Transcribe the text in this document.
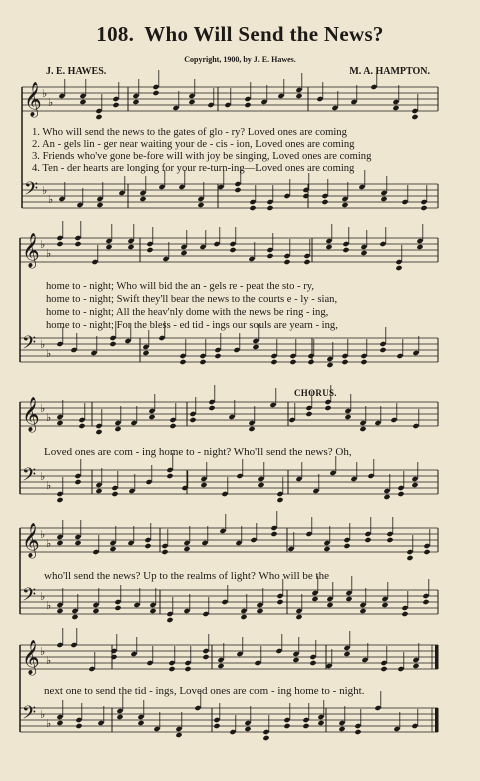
108. Who Will Send the News?
Copyright, 1900, by J. E. Hawes.
J. E. HAWES.	M. A. HAMPTON.
𝄞 ♭
♭
𝄢 ♭
♭
𝄞 ♭
♭
𝄢 ♭
♭
𝄞 ♭
♭
𝄢 ♭
♭
𝄞 ♭
♭
𝄢 ♭
♭
𝄞 ♭
♭
𝄢 ♭
♭
1. Who will send the news to the gates of glo - ry? Loved ones are coming
2. An - gels lin - ger near waiting your de - cis - ion, Loved ones are coming
3. Friends who've gone be-fore will with joy be singing, Loved ones are coming
4. Ten - der hearts are longing for your re-turn-ing—Loved ones are coming
home to - night; Who will bid the an - gels re - peat the sto - ry,
home to - night; Swift they'll bear the news to the courts e - ly - sian,
home to - night; All the heav'nly dome with the news be ring - ing,
home to - night; For the bless - ed tid - ings our souls are yearn - ing,
CHORUS.
Loved ones are com - ing home to - night? Who'll send the news? Oh,
who'll send the news? Up to the realms of light? Who will be the
next one to send the tid - ings, Loved ones are com - ing home to - night.
